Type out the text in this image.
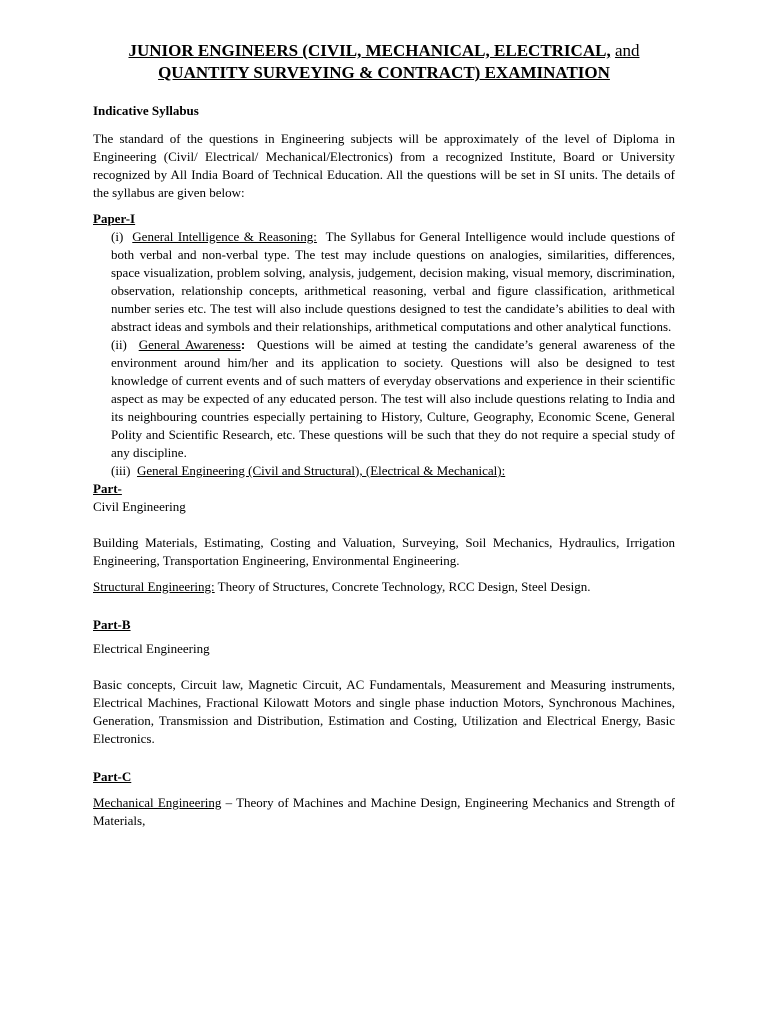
JUNIOR ENGINEERS (CIVIL, MECHANICAL, ELECTRICAL, and
QUANTITY SURVEYING & CONTRACT) EXAMINATION

Indicative Syllabus

The standard of the questions in Engineering subjects will be approximately of the level of Diploma in Engineering (Civil/ Electrical/ Mechanical/Electronics) from a recognized Institute, Board or University recognized by All India Board of Technical Education. All the questions will be set in SI units. The details of the syllabus are given below:

Paper-I

(i) General Intelligence & Reasoning: The Syllabus for General Intelligence would include questions of both verbal and non-verbal type. The test may include questions on analogies, similarities, differences, space visualization, problem solving, analysis, judgement, decision making, visual memory, discrimination, observation, relationship concepts, arithmetical reasoning, verbal and figure classification, arithmetical number series etc. The test will also include questions designed to test the candidate’s abilities to deal with abstract ideas and symbols and their relationships, arithmetical computations and other analytical functions.
(ii) General Awareness: Questions will be aimed at testing the candidate’s general awareness of the environment around him/her and its application to society. Questions will also be designed to test knowledge of current events and of such matters of everyday observations and experience in their scientific aspect as may be expected of any educated person. The test will also include questions relating to India and its neighbouring countries especially pertaining to History, Culture, Geography, Economic Scene, General Polity and Scientific Research, etc. These questions will be such that they do not require a special study of any discipline.
(iii) General Engineering (Civil and Structural), (Electrical & Mechanical):

Part-

Civil Engineering

Building Materials, Estimating, Costing and Valuation, Surveying, Soil Mechanics, Hydraulics, Irrigation Engineering, Transportation Engineering, Environmental Engineering.

Structural Engineering: Theory of Structures, Concrete Technology, RCC Design, Steel Design.

Part-B

Electrical Engineering

Basic concepts, Circuit law, Magnetic Circuit, AC Fundamentals, Measurement and Measuring instruments, Electrical Machines, Fractional Kilowatt Motors and single phase induction Motors, Synchronous Machines, Generation, Transmission and Distribution, Estimation and Costing, Utilization and Electrical Energy, Basic Electronics.

Part-C

Mechanical Engineering – Theory of Machines and Machine Design, Engineering Mechanics and Strength of Materials,
